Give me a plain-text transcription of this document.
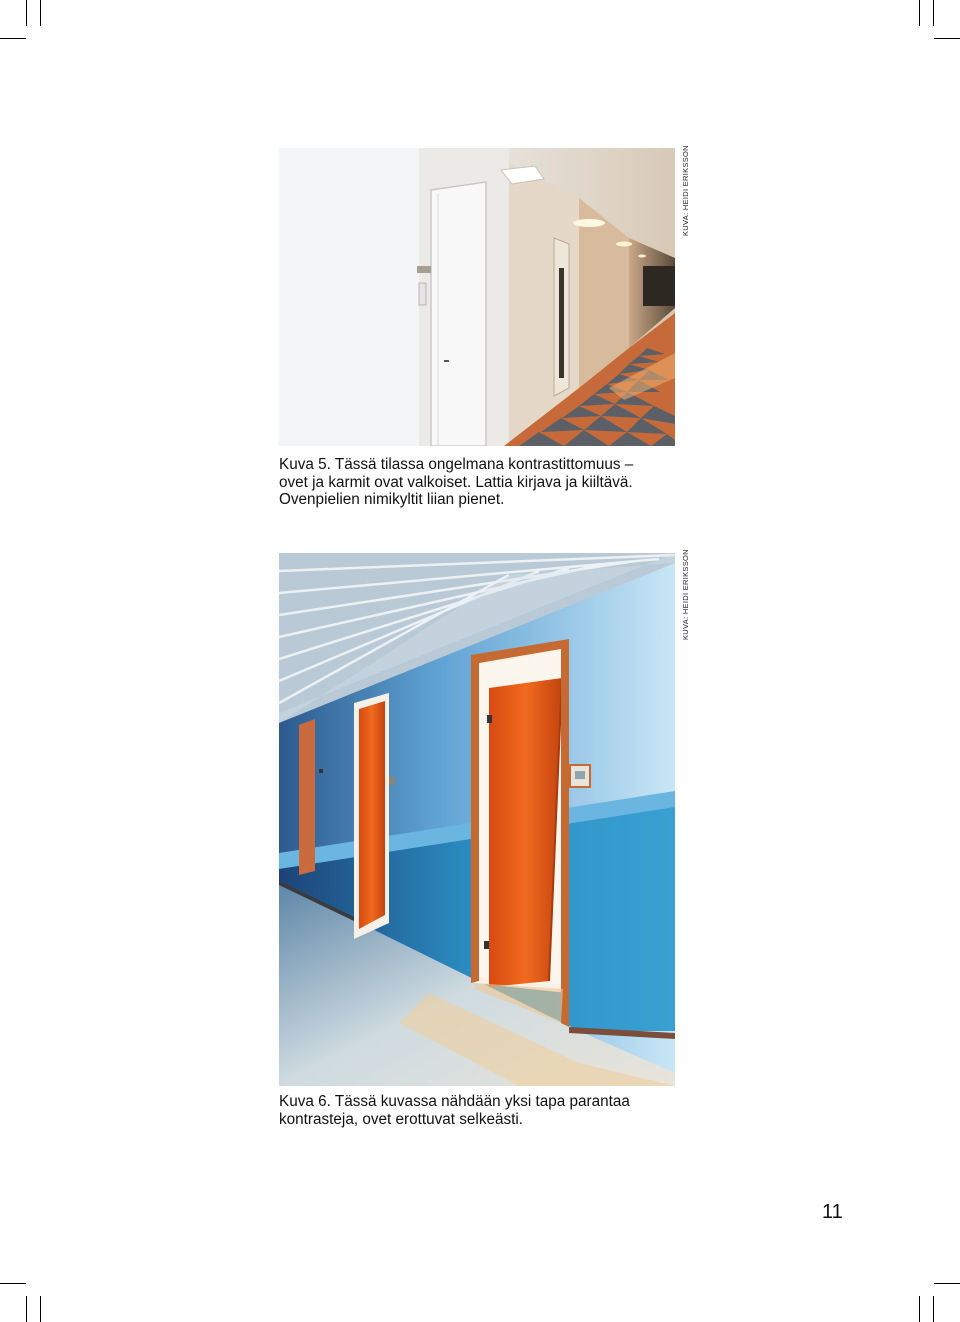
KUVA: HEIDI ERIKSSON
Kuva 5. Tässä tilassa ongelmana kontrastittomuus –
ovet ja karmit ovat valkoiset. Lattia kirjava ja kiiltävä.
Ovenpielien nimikyltit liian pienet.
KUVA: HEIDI ERIKSSON
Kuva 6. Tässä kuvassa nähdään yksi tapa parantaa
kontrasteja, ovet erottuvat selkeästi.
11
